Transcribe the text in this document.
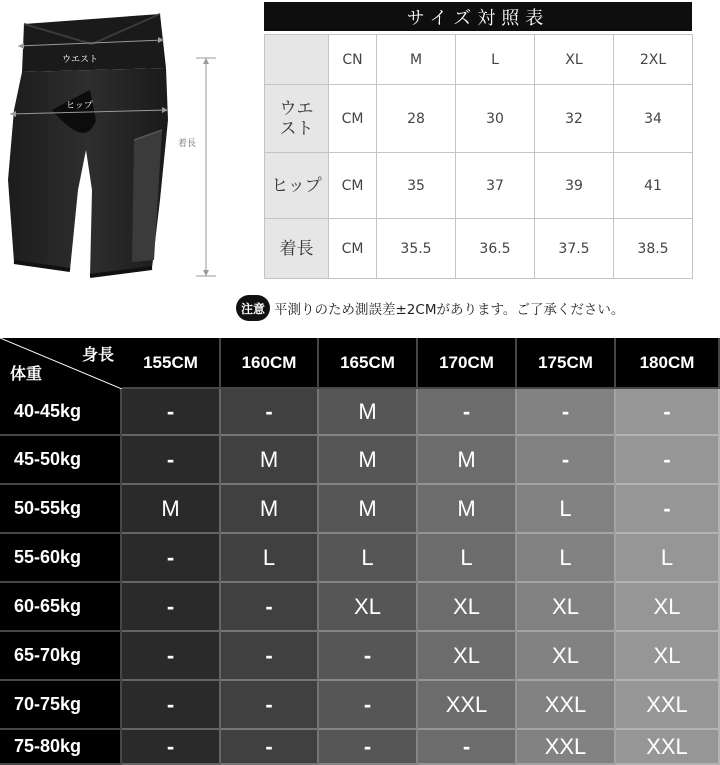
ウエスト
ヒップ
着長
サイズ対照表
	CN	M	L	XL	2XL
ウエ
スト	CM	28	30	32	34
ヒップ	CM	35	37	39	41
着長	CM	35.5	36.5	37.5	38.5
注意 平測りのため測誤差±2CMがあります。ご了承ください。
身長
体重
155CM	160CM	165CM	170CM	175CM	180CM
40-45kg	-	-	M	-	-	-
45-50kg	-	M	M	M	-	-
50-55kg	M	M	M	M	L	-
55-60kg	-	L	L	L	L	L
60-65kg	-	-	XL	XL	XL	XL
65-70kg	-	-	-	XL	XL	XL
70-75kg	-	-	-	XXL	XXL	XXL
75-80kg	-	-	-	-	XXL	XXL
